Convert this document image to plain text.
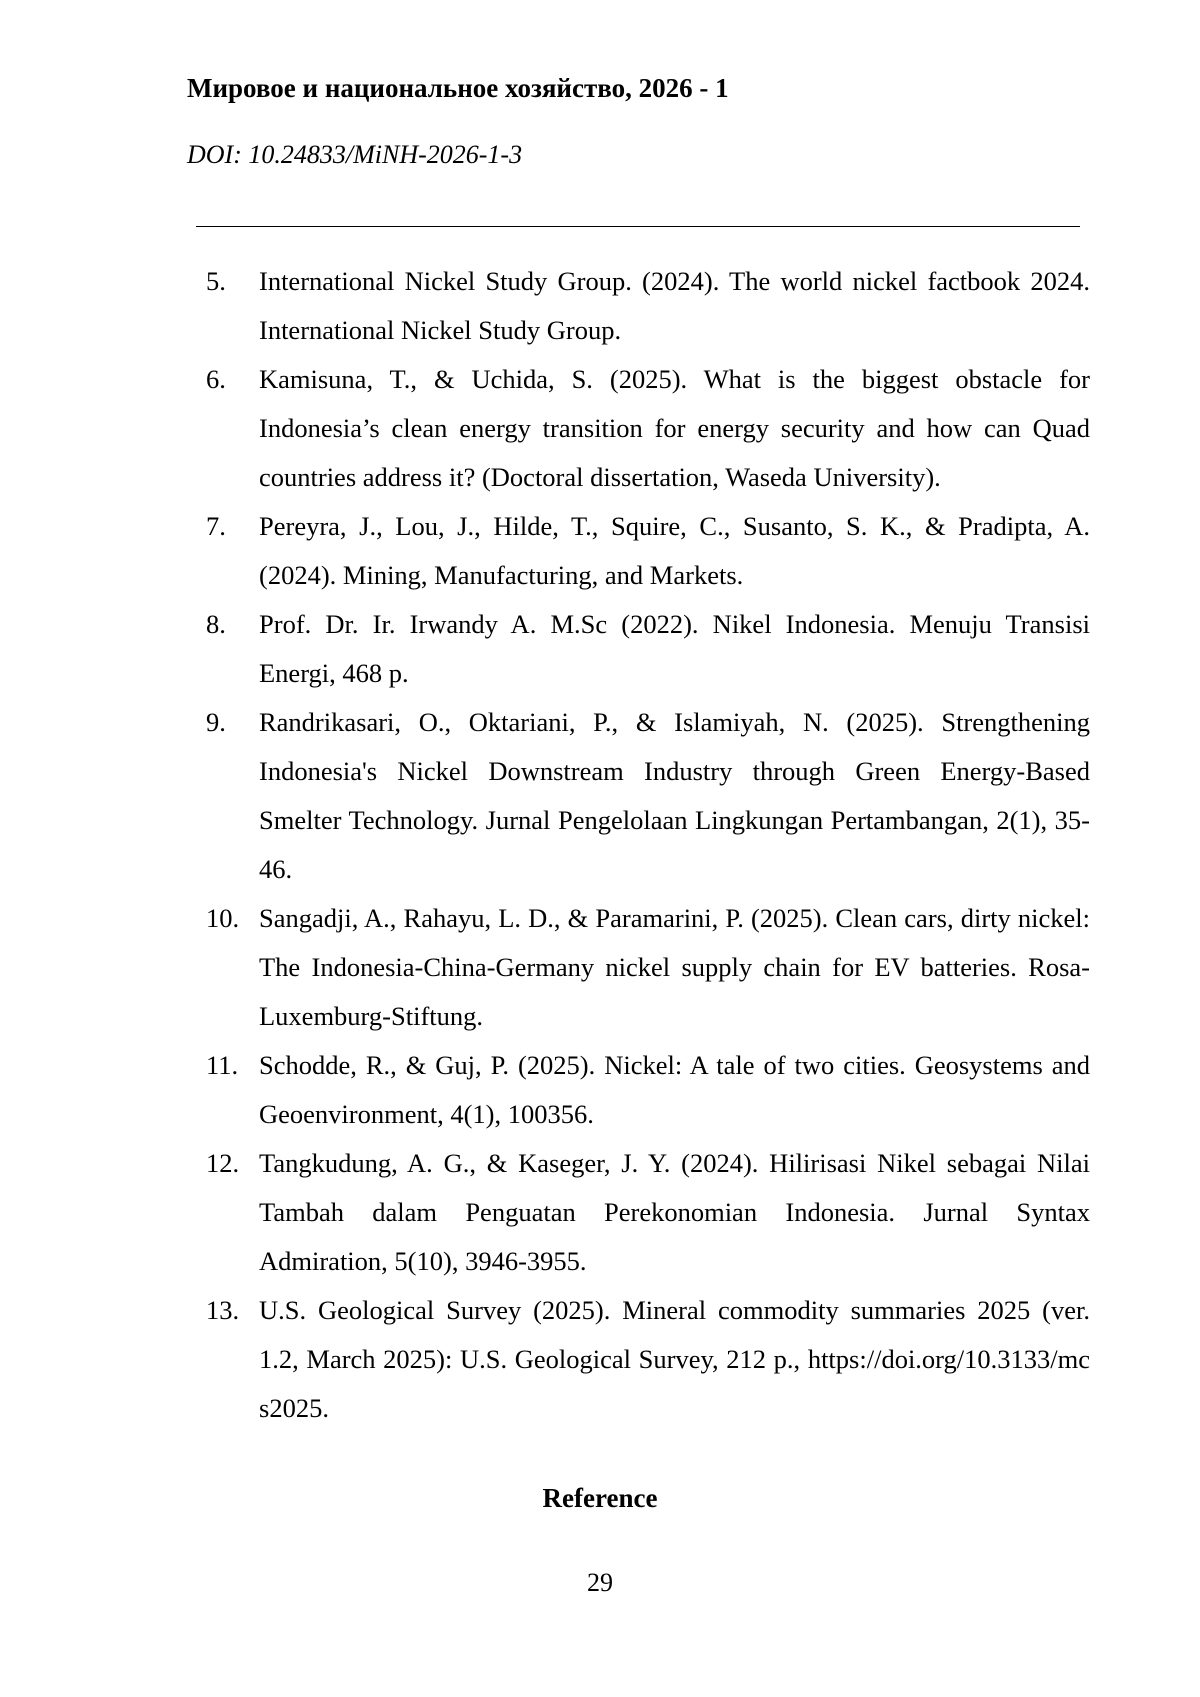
Мировое и национальное хозяйство, 2026 - 1
DOI: 10.24833/MiNH-2026-1-3
5.	International Nickel Study Group. (2024). The world nickel factbook 2024. International Nickel Study Group.
6.	Kamisuna, T., & Uchida, S. (2025). What is the biggest obstacle for Indonesia’s clean energy transition for energy security and how can Quad countries address it? (Doctoral dissertation, Waseda University).
7.	Pereyra, J., Lou, J., Hilde, T., Squire, C., Susanto, S. K., & Pradipta, A. (2024). Mining, Manufacturing, and Markets.
8.	Prof. Dr. Ir. Irwandy A. M.Sc (2022). Nikel Indonesia. Menuju Transisi Energi, 468 p.
9.	Randrikasari, O., Oktariani, P., & Islamiyah, N. (2025). Strengthening Indonesia's Nickel Downstream Industry through Green Energy-Based Smelter Technology. Jurnal Pengelolaan Lingkungan Pertambangan, 2(1), 35-46.
10. Sangadji, A., Rahayu, L. D., & Paramarini, P. (2025). Clean cars, dirty nickel: The Indonesia-China-Germany nickel supply chain for EV batteries. Rosa-Luxemburg-Stiftung.
11. Schodde, R., & Guj, P. (2025). Nickel: A tale of two cities. Geosystems and Geoenvironment, 4(1), 100356.
12. Tangkudung, A. G., & Kaseger, J. Y. (2024). Hilirisasi Nikel sebagai Nilai Tambah dalam Penguatan Perekonomian Indonesia. Jurnal Syntax Admiration, 5(10), 3946-3955.
13. U.S. Geological Survey (2025). Mineral commodity summaries 2025 (ver. 1.2, March 2025): U.S. Geological Survey, 212 p., https://doi.org/10.3133/mcs2025.
Reference
29
